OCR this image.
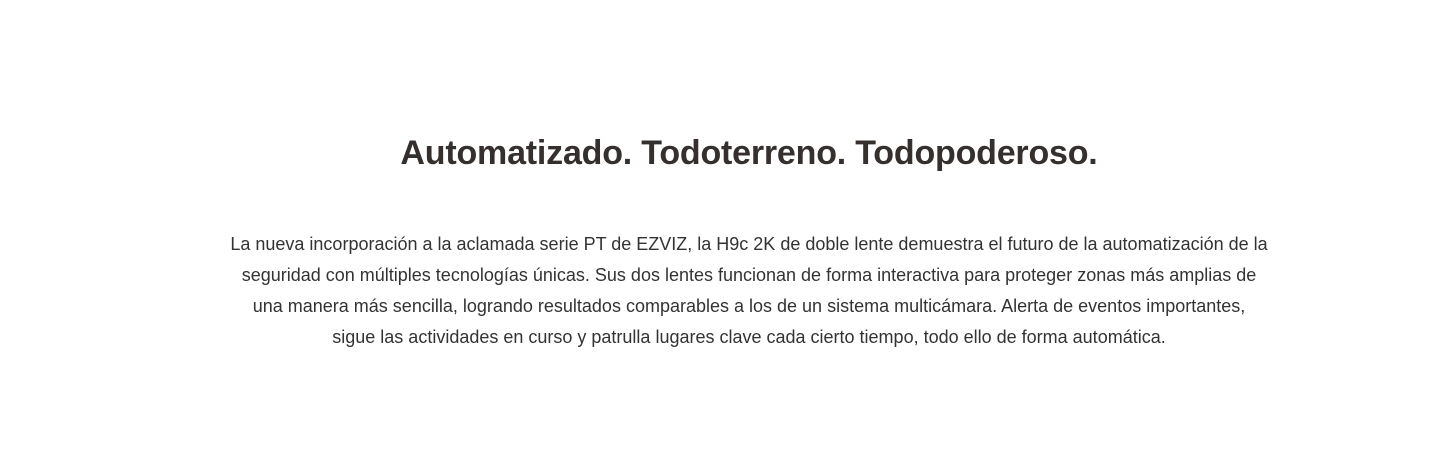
Automatizado. Todoterreno. Todopoderoso.

La nueva incorporación a la aclamada serie PT de EZVIZ, la H9c 2K de doble lente demuestra el futuro de la automatización de la seguridad con múltiples tecnologías únicas. Sus dos lentes funcionan de forma interactiva para proteger zonas más amplias de una manera más sencilla, logrando resultados comparables a los de un sistema multicámara. Alerta de eventos importantes, sigue las actividades en curso y patrulla lugares clave cada cierto tiempo, todo ello de forma automática.
